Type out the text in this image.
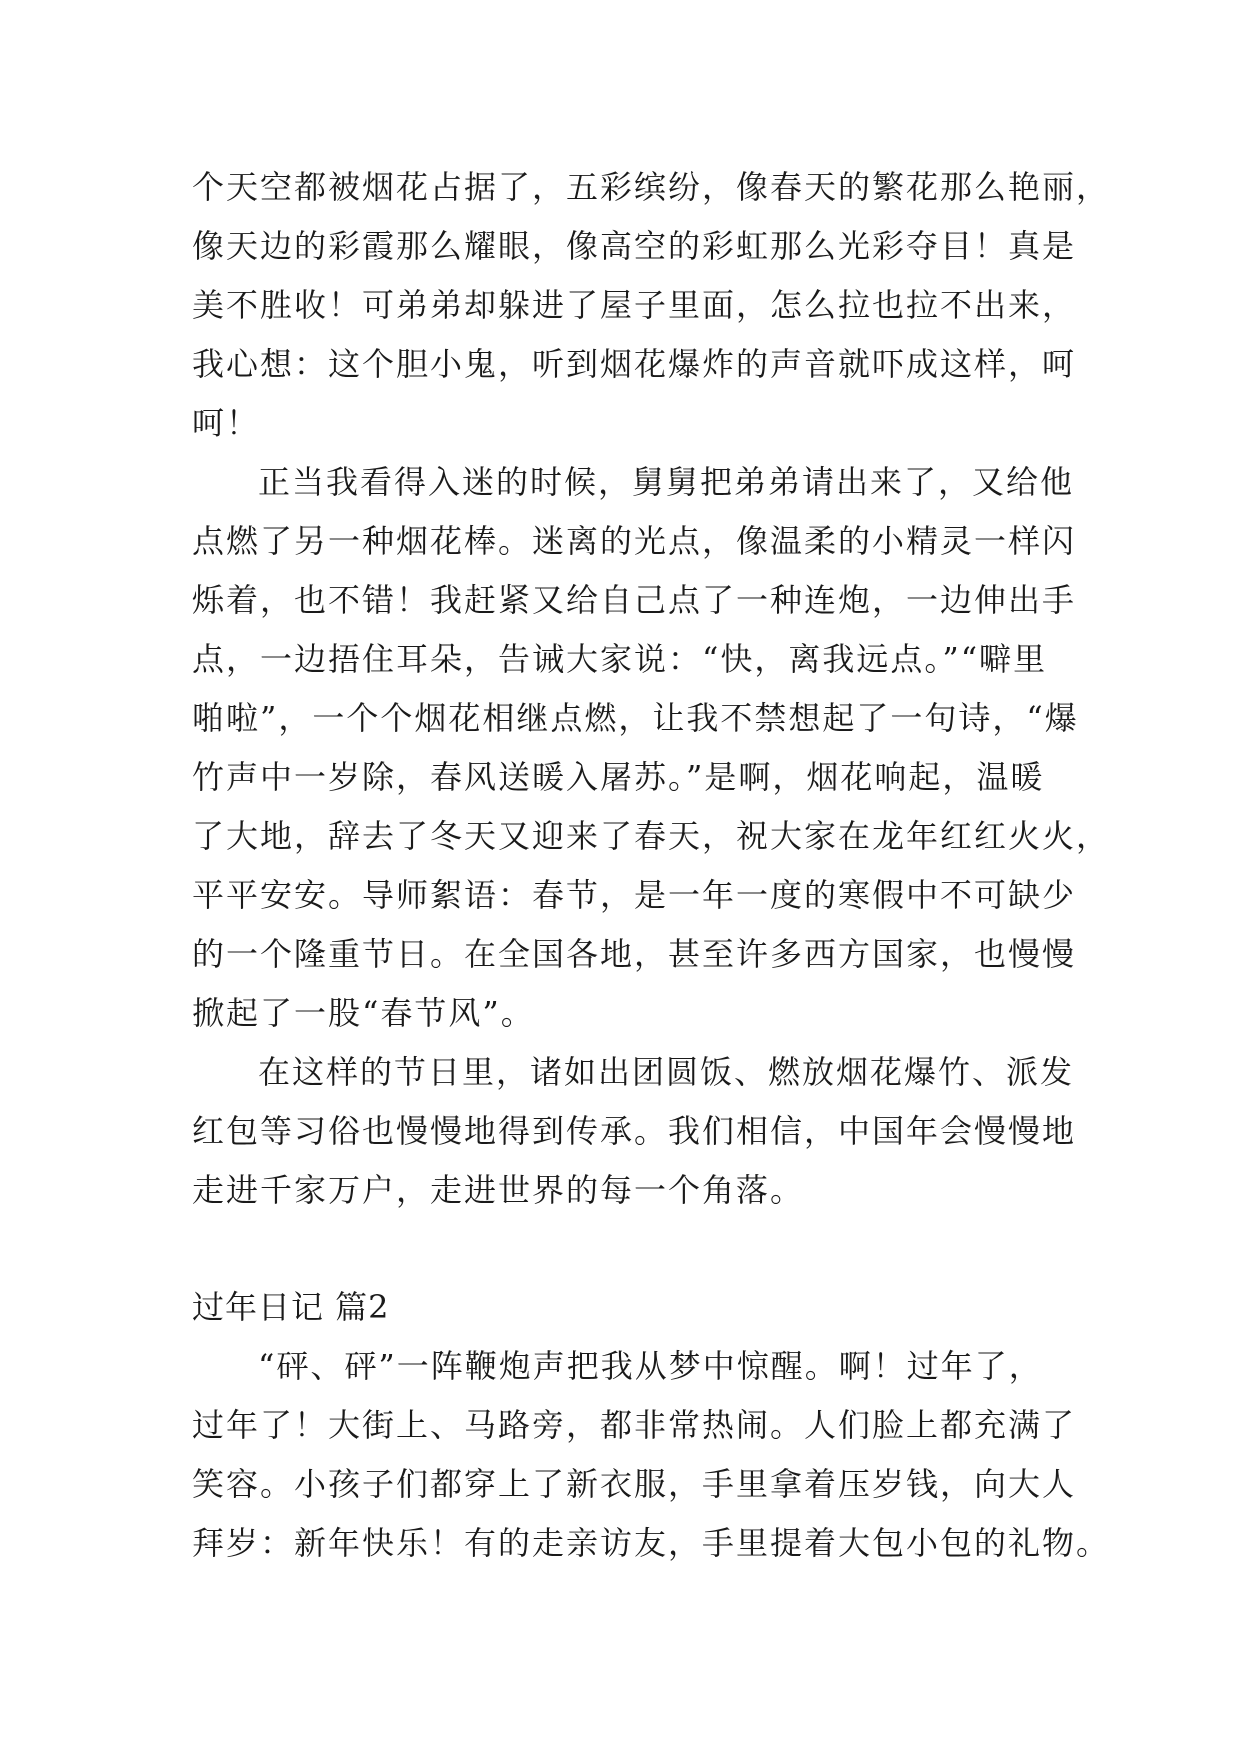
个天空都被烟花占据了，五彩缤纷，像春天的繁花那么艳丽，
像天边的彩霞那么耀眼，像高空的彩虹那么光彩夺目！真是
美不胜收！可弟弟却躲进了屋子里面，怎么拉也拉不出来，
我心想：这个胆小鬼，听到烟花爆炸的声音就吓成这样，呵
呵！
正当我看得入迷的时候，舅舅把弟弟请出来了，又给他
点燃了另一种烟花棒。迷离的光点，像温柔的小精灵一样闪
烁着，也不错！我赶紧又给自己点了一种连炮，一边伸出手
点，一边捂住耳朵，告诫大家说：“快，离我远点。”“噼里
啪啦”，一个个烟花相继点燃，让我不禁想起了一句诗，“爆
竹声中一岁除，春风送暖入屠苏。”是啊，烟花响起，温暖
了大地，辞去了冬天又迎来了春天，祝大家在龙年红红火火，
平平安安。导师絮语：春节，是一年一度的寒假中不可缺少
的一个隆重节日。在全国各地，甚至许多西方国家，也慢慢
掀起了一股“春节风”。
在这样的节日里，诸如出团圆饭、燃放烟花爆竹、派发
红包等习俗也慢慢地得到传承。我们相信，中国年会慢慢地
走进千家万户，走进世界的每一个角落。
过年日记 篇2
“砰、砰”一阵鞭炮声把我从梦中惊醒。啊！过年了，
过年了！大街上、马路旁，都非常热闹。人们脸上都充满了
笑容。小孩子们都穿上了新衣服，手里拿着压岁钱，向大人
拜岁：新年快乐！有的走亲访友，手里提着大包小包的礼物。
